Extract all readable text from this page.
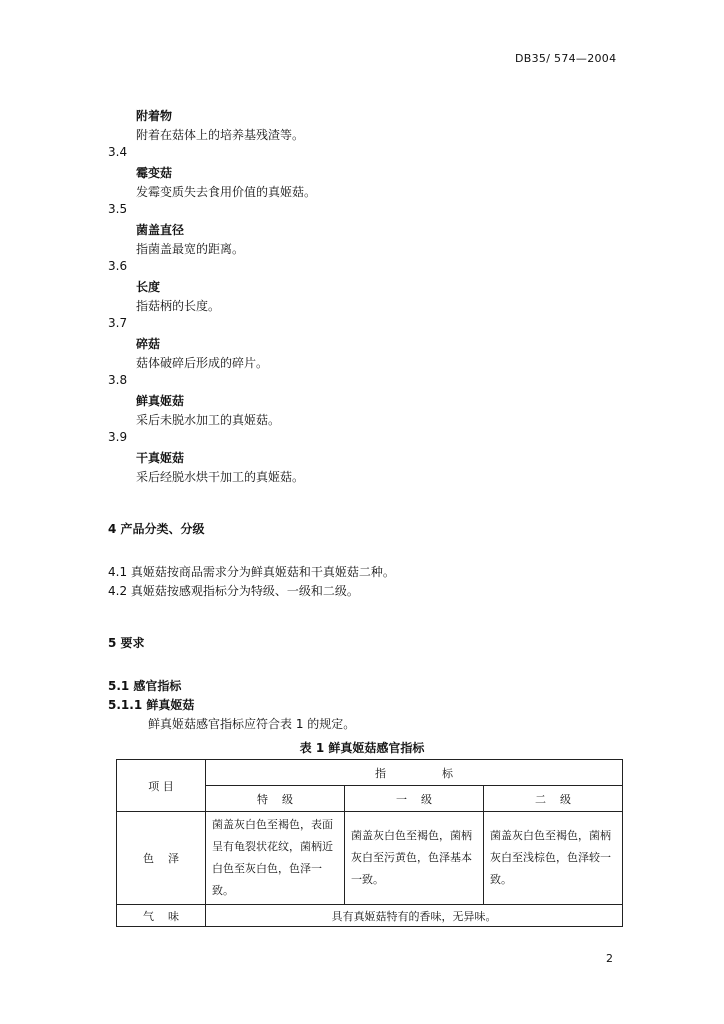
DB35/ 574—2004
附着物
附着在菇体上的培养基残渣等。
3.4
霉变菇
发霉变质失去食用价值的真姬菇。
3.5
菌盖直径
指菌盖最宽的距离。
3.6
长度
指菇柄的长度。
3.7
碎菇
菇体破碎后形成的碎片。
3.8
鲜真姬菇
采后未脱水加工的真姬菇。
3.9
干真姬菇
采后经脱水烘干加工的真姬菇。
4 产品分类、分级
4.1 真姬菇按商品需求分为鲜真姬菇和干真姬菇二种。
4.2 真姬菇按感观指标分为特级、一级和二级。
5 要求
5.1 感官指标
5.1.1 鲜真姬菇
鲜真姬菇感官指标应符合表 1 的规定。
表 1 鲜真姬菇感官指标
项 目	指                标		
	特    级	一    级	二    级
色    泽	菌盖灰白色至褐色，表面呈有龟裂状花纹，菌柄近白色至灰白色，色泽一致。	菌盖灰白色至褐色，菌柄灰白至污黄色，色泽基本一致。	菌盖灰白色至褐色，菌柄灰白至浅棕色，色泽较一致。
气    味	具有真姬菇特有的香味，无异味。		
2
